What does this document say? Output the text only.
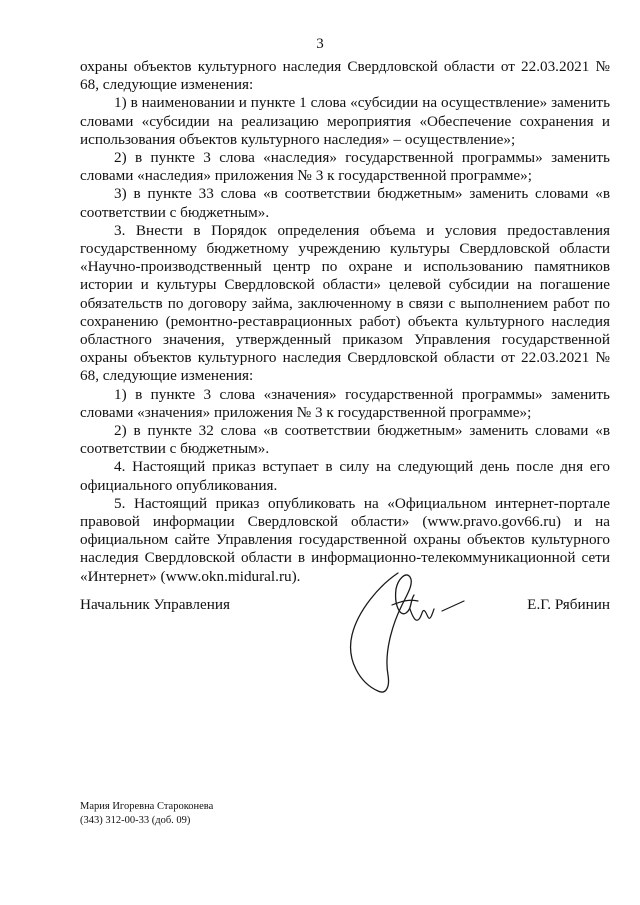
3

охраны объектов культурного наследия Свердловской области от 22.03.2021 № 68, следующие изменения:

1) в наименовании и пункте 1 слова «субсидии на осуществление» заменить словами «субсидии на реализацию мероприятия «Обеспечение сохранения и использования объектов культурного наследия» – осуществление»;

2) в пункте 3 слова «наследия» государственной программы» заменить словами «наследия» приложения № 3 к государственной программе»;

3) в пункте 33 слова «в соответствии бюджетным» заменить словами «в соответствии с бюджетным».

3. Внести в Порядок определения объема и условия предоставления государственному бюджетному учреждению культуры Свердловской области «Научно-производственный центр по охране и использованию памятников истории и культуры Свердловской области» целевой субсидии на погашение обязательств по договору займа, заключенному в связи с выполнением работ по сохранению (ремонтно-реставрационных работ) объекта культурного наследия областного значения, утвержденный приказом Управления государственной охраны объектов культурного наследия Свердловской области от 22.03.2021 № 68, следующие изменения:

1) в пункте 3 слова «значения» государственной программы» заменить словами «значения» приложения № 3 к государственной программе»;

2) в пункте 32 слова «в соответствии бюджетным» заменить словами «в соответствии с бюджетным».

4. Настоящий приказ вступает в силу на следующий день после дня его официального опубликования.

5. Настоящий приказ опубликовать на «Официальном интернет-портале правовой информации Свердловской области» (www.pravo.gov66.ru) и на официальном сайте Управления государственной охраны объектов культурного наследия Свердловской области в информационно-телекоммуникационной сети «Интернет» (www.okn.midural.ru).

Начальник Управления	Е.Г. Рябинин
Мария Игоревна Староконева
(343) 312-00-33 (доб. 09)
